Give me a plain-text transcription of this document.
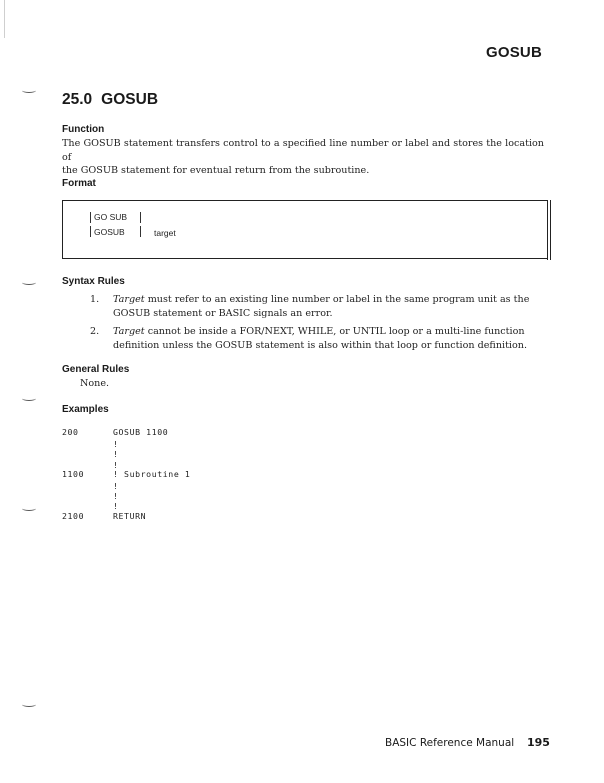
GOSUB
25.0 GOSUB
Function
The GOSUB statement transfers control to a specified line number or label and stores the location of
the GOSUB statement for eventual return from the subroutine.
Format
GO SUB
GOSUB	target
Syntax Rules
1.	Target must refer to an existing line number or label in the same program unit as the
GOSUB statement or BASIC signals an error.
2.	Target cannot be inside a FOR/NEXT, WHILE, or UNTIL loop or a multi-line function
definition unless the GOSUB statement is also within that loop or function definition.
General Rules
None.
Examples
200	GOSUB 1100
!
!
!
1100	! Subroutine 1
!
!
!
2100	RETURN
BASIC Reference Manual 195
